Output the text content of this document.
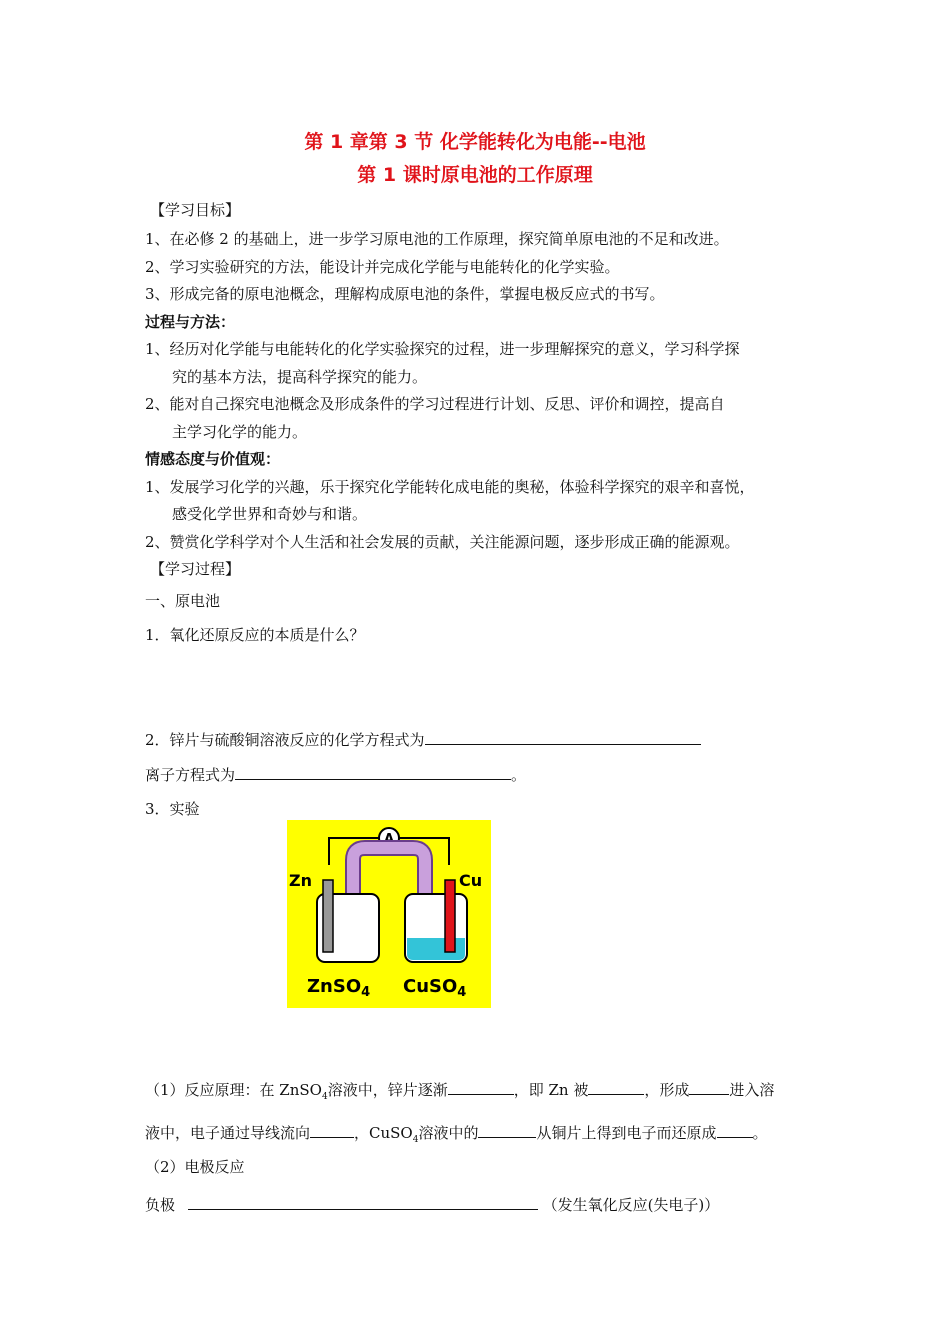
第 1 章第 3 节 化学能转化为电能--电池
第 1 课时原电池的工作原理
【学习目标】
1、在必修 2 的基础上，进一步学习原电池的工作原理，探究简单原电池的不足和改进。
2、学习实验研究的方法，能设计并完成化学能与电能转化的化学实验。
3、形成完备的原电池概念，理解构成原电池的条件，掌握电极反应式的书写。
过程与方法：
1、经历对化学能与电能转化的化学实验探究的过程，进一步理解探究的意义，学习科学探
究的基本方法，提高科学探究的能力。
2、能对自己探究电池概念及形成条件的学习过程进行计划、反思、评价和调控，提高自
主学习化学的能力。
情感态度与价值观：
1、发展学习化学的兴趣，乐于探究化学能转化成电能的奥秘，体验科学探究的艰辛和喜悦，
感受化学世界和奇妙与和谐。
2、赞赏化学科学对个人生活和社会发展的贡献，关注能源问题，逐步形成正确的能源观。
【学习过程】
一、原电池
1．氧化还原反应的本质是什么？
2．锌片与硫酸铜溶液反应的化学方程式为
离子方程式为	。
3．实验
A
Zn	Cu
ZnSO$_4$ CuSO$_4$
（1）反应原理：在 ZnSO$_4$溶液中，锌片逐渐	，即 Zn 被	，形成	进入溶
液中，电子通过导线流向	，CuSO$_4$溶液中的	从铜片上得到电子而还原成 。
（2）电极反应
负极	（发生氧化反应(失电子)）
